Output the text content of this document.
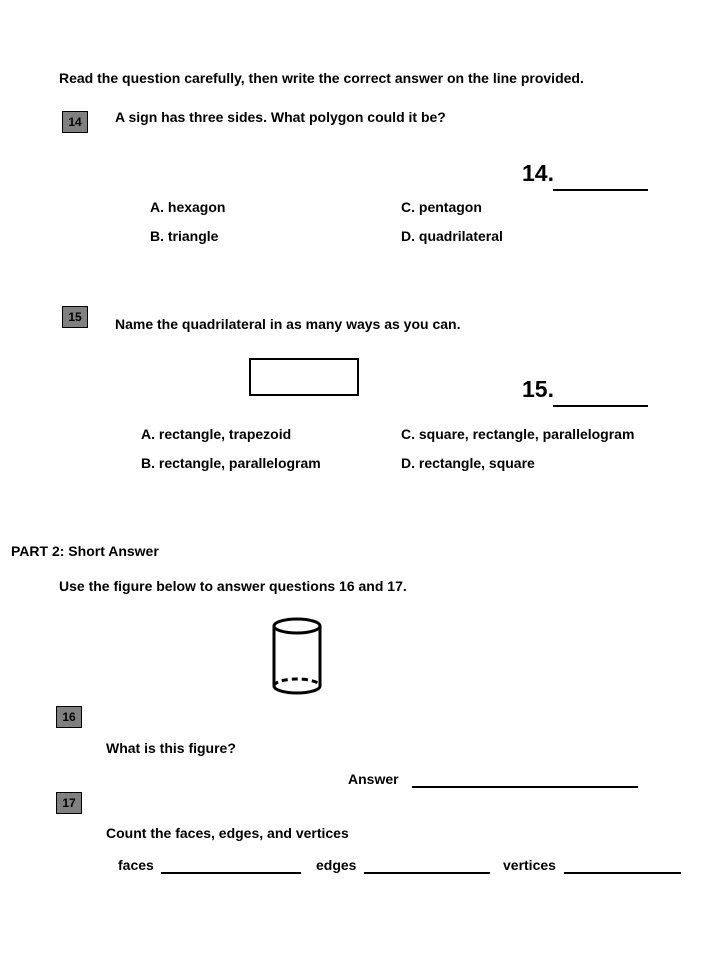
Read the question carefully, then write the correct answer on the line provided.
14	A sign has three sides. What polygon could it be?
14.
A. hexagon	C. pentagon
B. triangle	D. quadrilateral
15	Name the quadrilateral in as many ways as you can.
15.
A. rectangle, trapezoid	C. square, rectangle, parallelogram
B. rectangle, parallelogram	D. rectangle, square
PART 2: Short Answer
Use the figure below to answer questions 16 and 17.
16
What is this figure?
Answer
17
Count the faces, edges, and vertices
faces	edges	vertices
